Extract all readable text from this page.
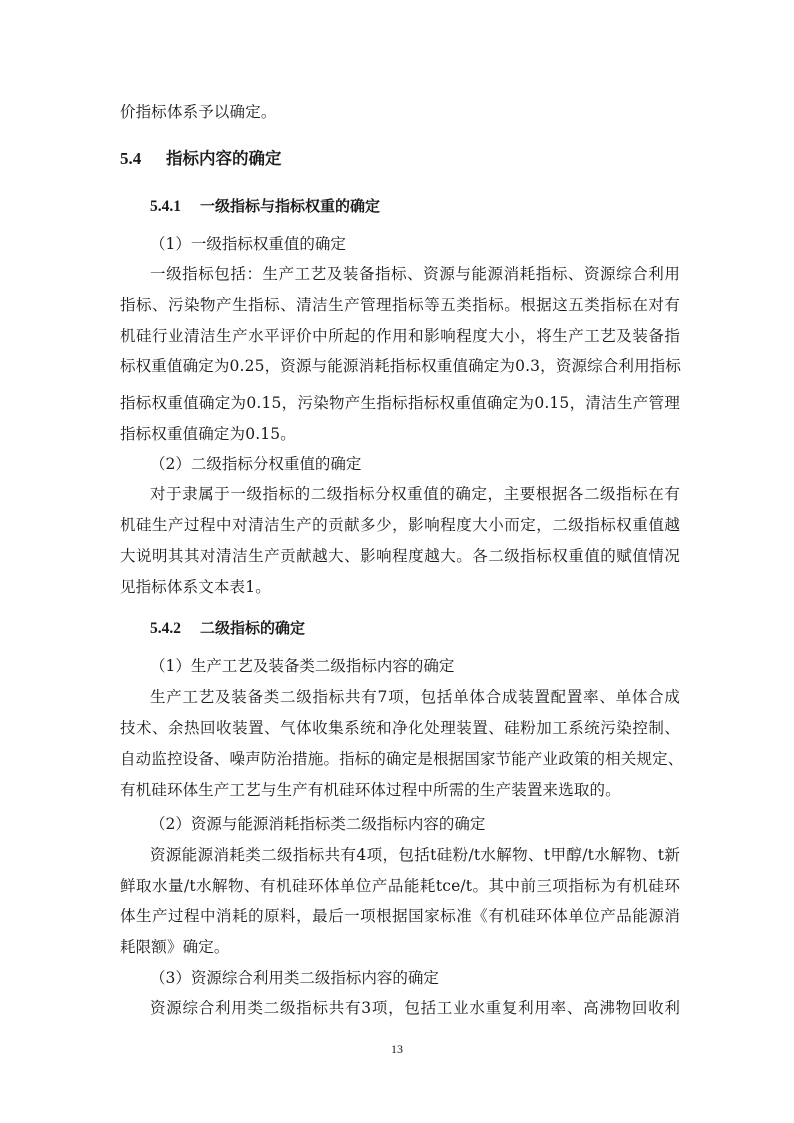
价指标体系予以确定。
5.4 指标内容的确定
5.4.1 一级指标与指标权重的确定
（1）一级指标权重值的确定
一级指标包括：生产工艺及装备指标、资源与能源消耗指标、资源综合利用
指标、污染物产生指标、清洁生产管理指标等五类指标。根据这五类指标在对有
机硅行业清洁生产水平评价中所起的作用和影响程度大小，将生产工艺及装备指
标权重值确定为0.25，资源与能源消耗指标权重值确定为0.3，资源综合利用指标
指标权重值确定为0.15，污染物产生指标指标权重值确定为0.15，清洁生产管理
指标权重值确定为0.15。
（2）二级指标分权重值的确定
对于隶属于一级指标的二级指标分权重值的确定，主要根据各二级指标在有
机硅生产过程中对清洁生产的贡献多少，影响程度大小而定，二级指标权重值越
大说明其其对清洁生产贡献越大、影响程度越大。各二级指标权重值的赋值情况
见指标体系文本表1。
5.4.2 二级指标的确定
（1）生产工艺及装备类二级指标内容的确定
生产工艺及装备类二级指标共有7项，包括单体合成装置配置率、单体合成
技术、余热回收装置、气体收集系统和净化处理装置、硅粉加工系统污染控制、
自动监控设备、噪声防治措施。指标的确定是根据国家节能产业政策的相关规定、
有机硅环体生产工艺与生产有机硅环体过程中所需的生产装置来选取的。
（2）资源与能源消耗指标类二级指标内容的确定
资源能源消耗类二级指标共有4项，包括t硅粉/t水解物、t甲醇/t水解物、t新
鲜取水量/t水解物、有机硅环体单位产品能耗tce/t。其中前三项指标为有机硅环
体生产过程中消耗的原料，最后一项根据国家标准《有机硅环体单位产品能源消
耗限额》确定。
（3）资源综合利用类二级指标内容的确定
资源综合利用类二级指标共有3项，包括工业水重复利用率、高沸物回收利
13
